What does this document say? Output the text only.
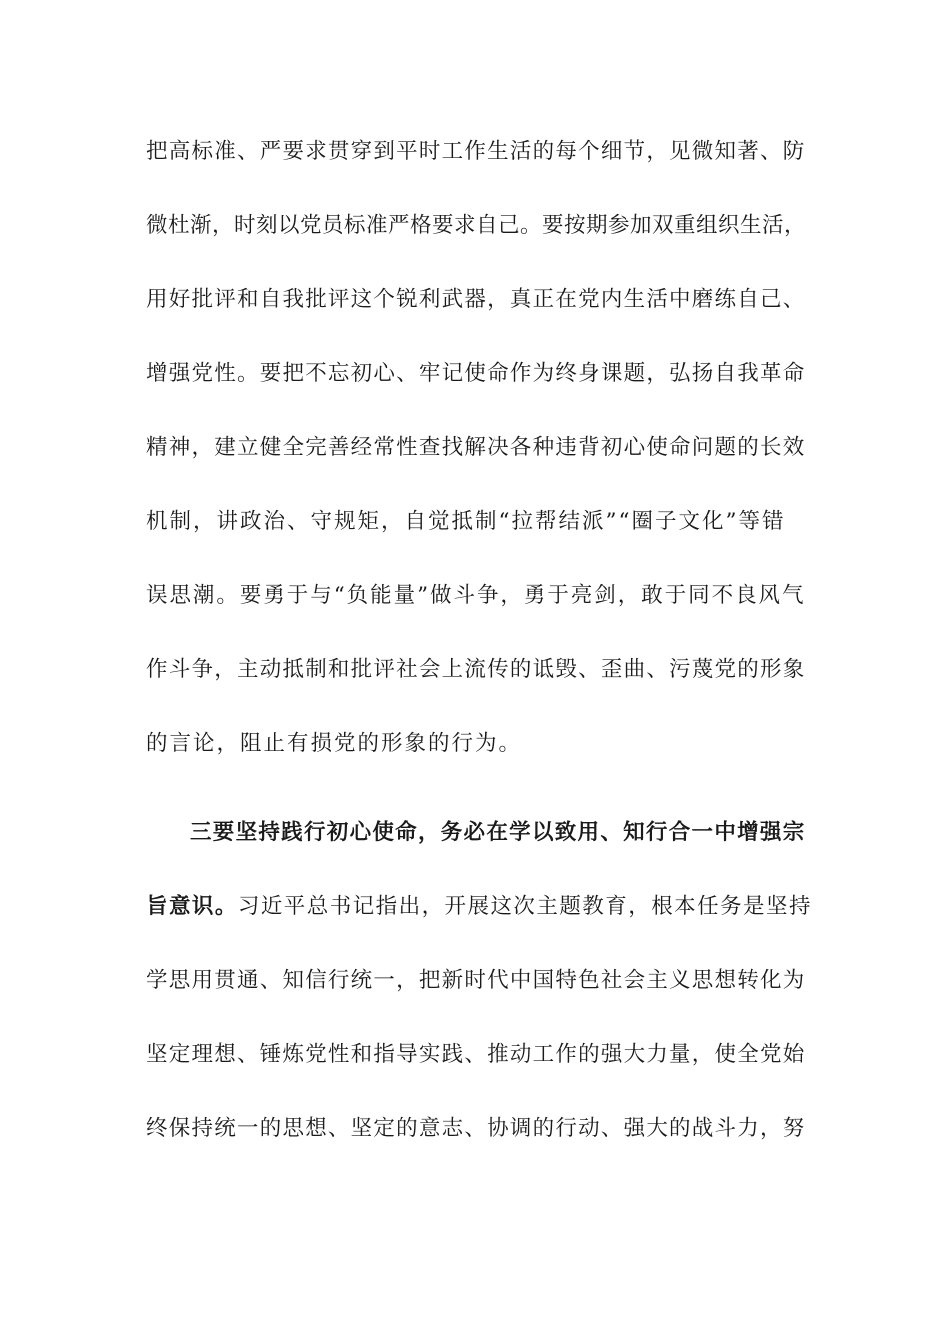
把高标准、严要求贯穿到平时工作生活的每个细节，见微知著、防
微杜渐，时刻以党员标准严格要求自己。要按期参加双重组织生活，
用好批评和自我批评这个锐利武器，真正在党内生活中磨练自己、
增强党性。要把不忘初心、牢记使命作为终身课题，弘扬自我革命
精神，建立健全完善经常性查找解决各种违背初心使命问题的长效
机制，讲政治、守规矩，自觉抵制“拉帮结派”“圈子文化”等错
误思潮。要勇于与“负能量”做斗争，勇于亮剑，敢于同不良风气
作斗争，主动抵制和批评社会上流传的诋毁、歪曲、污蔑党的形象
的言论，阻止有损党的形象的行为。
三要坚持践行初心使命，务必在学以致用、知行合一中增强宗
旨意识。习近平总书记指出，开展这次主题教育，根本任务是坚持
学思用贯通、知信行统一，把新时代中国特色社会主义思想转化为
坚定理想、锤炼党性和指导实践、推动工作的强大力量，使全党始
终保持统一的思想、坚定的意志、协调的行动、强大的战斗力，努
